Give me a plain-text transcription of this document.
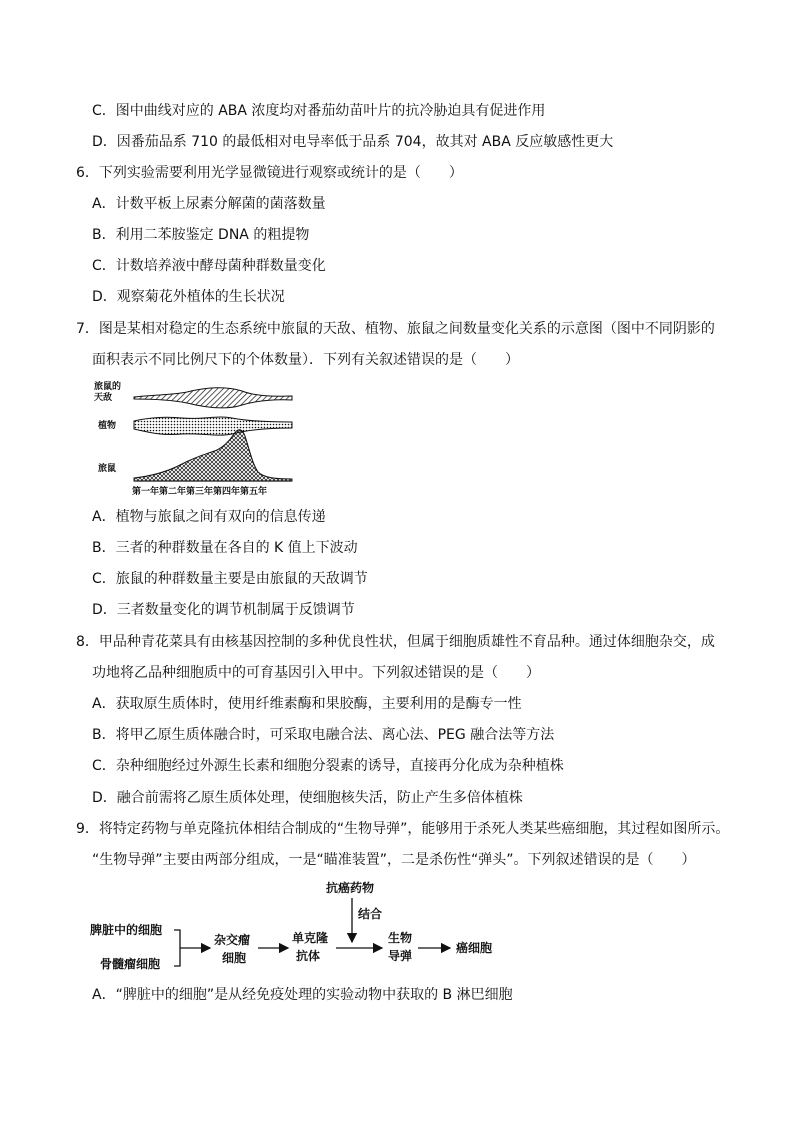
C．图中曲线对应的 ABA 浓度均对番茄幼苗叶片的抗冷胁迫具有促进作用
D．因番茄品系 710 的最低相对电导率低于品系 704，故其对 ABA 反应敏感性更大
6．下列实验需要利用光学显微镜进行观察或统计的是（　　）
A．计数平板上尿素分解菌的菌落数量
B．利用二苯胺鉴定 DNA 的粗提物
C．计数培养液中酵母菌种群数量变化
D．观察菊花外植体的生长状况
7．图是某相对稳定的生态系统中旅鼠的天敌、植物、旅鼠之间数量变化关系的示意图（图中不同阴影的
面积表示不同比例尺下的个体数量）．下列有关叙述错误的是（　　）
旅鼠的
天敌
植物
旅鼠
第一年第二年第三年第四年第五年
A．植物与旅鼠之间有双向的信息传递
B．三者的种群数量在各自的 K 值上下波动
C．旅鼠的种群数量主要是由旅鼠的天敌调节
D．三者数量变化的调节机制属于反馈调节
8．甲品种青花菜具有由核基因控制的多种优良性状，但属于细胞质雄性不育品种。通过体细胞杂交，成
功地将乙品种细胞质中的可育基因引入甲中。下列叙述错误的是（　　）
A．获取原生质体时，使用纤维素酶和果胶酶，主要利用的是酶专一性
B．将甲乙原生质体融合时，可采取电融合法、离心法、PEG 融合法等方法
C．杂种细胞经过外源生长素和细胞分裂素的诱导，直接再分化成为杂种植株
D．融合前需将乙原生质体处理，使细胞核失活，防止产生多倍体植株
9．将特定药物与单克隆抗体相结合制成的“生物导弹”，能够用于杀死人类某些癌细胞，其过程如图所示。
“生物导弹”主要由两部分组成，一是“瞄准装置”，二是杀伤性“弹头”。下列叙述错误的是（　　）
脾脏中的细胞
骨髓瘤细胞
杂交瘤
细胞
单克隆
抗体
抗癌药物
结合
生物
导弹
癌细胞
A．“脾脏中的细胞”是从经免疫处理的实验动物中获取的 B 淋巴细胞
